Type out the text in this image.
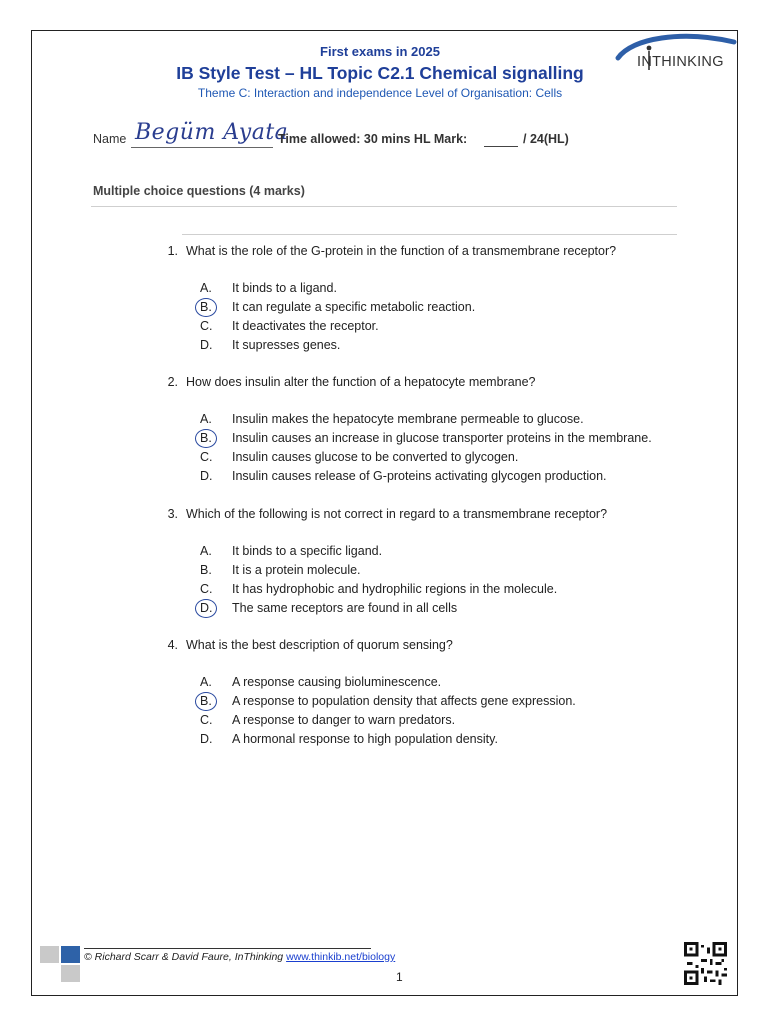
First exams in 2025
IB Style Test – HL Topic C2.1 Chemical signalling
Theme C: Interaction and independence Level of Organisation: Cells
INTHINKING
Name Begüm Ayata
Time allowed: 30 mins HL Mark:	/ 24(HL)
Multiple choice questions (4 marks)
1. What is the role of the G-protein in the function of a transmembrane receptor?
A.	It binds to a ligand.
B.	It can regulate a specific metabolic reaction.
C.	It deactivates the receptor.
D.	It supresses genes.
2. How does insulin alter the function of a hepatocyte membrane?
A.	Insulin makes the hepatocyte membrane permeable to glucose.
B.	Insulin causes an increase in glucose transporter proteins in the membrane.
C.	Insulin causes glucose to be converted to glycogen.
D.	Insulin causes release of G-proteins activating glycogen production.
3. Which of the following is not correct in regard to a transmembrane receptor?
A.	It binds to a specific ligand.
B.	It is a protein molecule.
C.	It has hydrophobic and hydrophilic regions in the molecule.
D.	The same receptors are found in all cells
4. What is the best description of quorum sensing?
A.	A response causing bioluminescence.
B.	A response to population density that affects gene expression.
C.	A response to danger to warn predators.
D.	A hormonal response to high population density.
© Richard Scarr & David Faure, InThinking www.thinkib.net/biology
1
